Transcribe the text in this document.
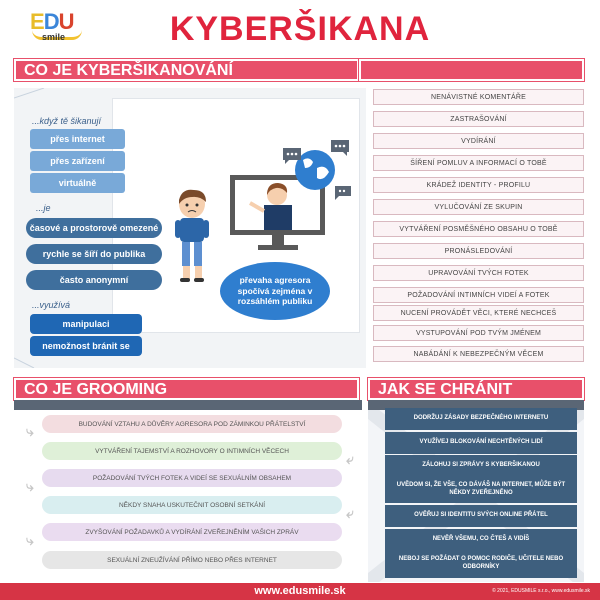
EDU
smile	KYBERŠIKANA
CO JE KYBERŠIKANOVÁNÍ
...když tě šikanují
přes internet
přes zařízení
virtuálně
...je
časové a prostorově omezené
rychle se šíří do publika
často anonymní
...využívá
manipulaci
nemožnost bránit se
převaha agresora spočívá zejména v rozsáhlém publiku
NENÁVISTNÉ KOMENTÁŘE
ZASTRAŠOVÁNÍ
VYDÍRÁNÍ
ŠÍŘENÍ POMLUV A INFORMACÍ O TOBĚ
KRÁDEŽ IDENTITY - PROFILU
VYLUČOVÁNÍ ZE SKUPIN
VYTVÁŘENÍ POSMĚŠNÉHO OBSAHU O TOBĚ
PRONÁSLEDOVÁNÍ
UPRAVOVÁNÍ TVÝCH FOTEK
POŽADOVÁNÍ INTIMNÍCH VIDEÍ A FOTEK
NUCENÍ PROVÁDĚT VĚCI, KTERÉ NECHCEŠ
VYSTUPOVÁNÍ POD TVÝM JMÉNEM
NABÁDÁNÍ K NEBEZPEČNÝM VĚCEM
CO JE GROOMING
BUDOVÁNÍ VZTAHU A DŮVĚRY AGRESORA POD ZÁMINKOU PŘÁTELSTVÍ
VYTVÁŘENÍ TAJEMSTVÍ A ROZHOVORY O INTIMNÍCH VĚCECH
POŽADOVÁNÍ TVÝCH FOTEK A VIDEÍ SE SEXUÁLNÍM OBSAHEM
NĚKDY SNAHA USKUTEČNIT OSOBNÍ SETKÁNÍ
ZVYŠOVÁNÍ POŽADAVKŮ A VYDÍRÁNÍ ZVEŘEJNĚNÍM VAŠICH ZPRÁV
SEXUÁLNÍ ZNEUŽÍVÁNÍ PŘÍMO NEBO PŘES INTERNET
⤷
⤶
⤷
⤶
⤷
JAK SE CHRÁNIT
DODRŽUJ ZÁSADY BEZPEČNÉHO INTERNETU
VYUŽÍVEJ BLOKOVÁNÍ NECHTĚNÝCH LIDÍ
ZÁLOHUJ SI ZPRÁVY S KYBERŠIKANOU
UVĚDOM SI, ŽE VŠE, CO DÁVÁŠ NA INTERNET, MŮŽE BÝT NĚKDY ZVEŘEJNĚNO
OVĚŘUJ SI IDENTITU SVÝCH ONLINE PŘÁTEL
NEVĚŘ VŠEMU, CO ČTEŠ A VIDÍŠ
NEBOJ SE POŽÁDAT O POMOC RODIČE, UČITELE NEBO ODBORNÍKY
www.edusmile.sk	© 2021, EDUSMILE s.r.o., www.edusmile.sk
